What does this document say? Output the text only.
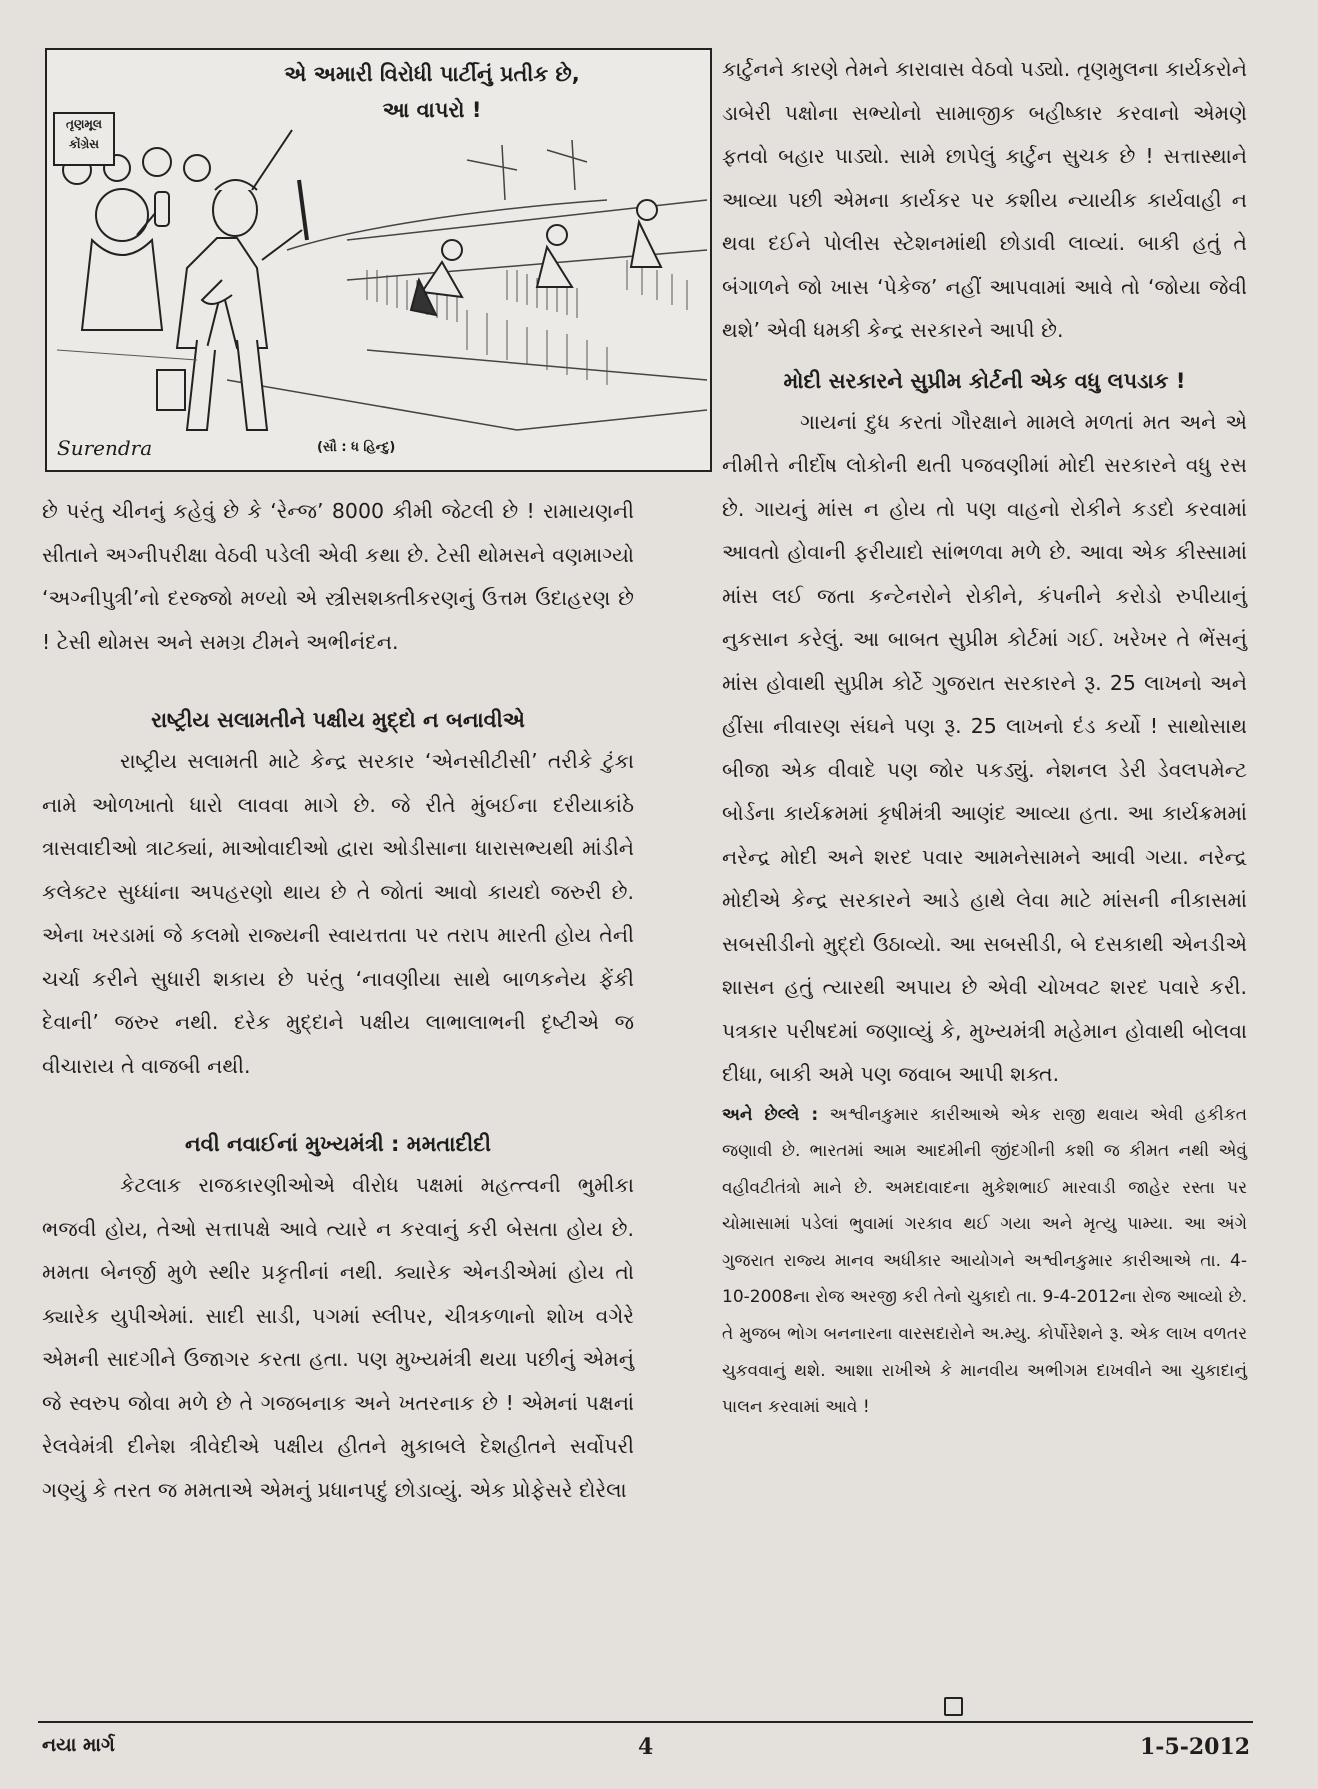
એ અમારી વિરોધી પાર્ટીનું પ્રતીક છે, આ વાપરો !
તૃણમૂલ કોંગ્રેસ
(સૌ : ધ હિન્દુ)
Surendra

છે પરંતુ ચીનનું કહેવું છે કે ‘રેન્જ’ 8000 કીમી જેટલી છે ! રામાયણની સીતાને અગ્નીપરીક્ષા વેઠવી પડેલી એવી કથા છે. ટેસી થોમસને વણમાગ્યો ‘અગ્નીપુત્રી’નો દરજ્જો મળ્યો એ સ્ત્રીસશક્તીકરણનું ઉત્તમ ઉદાહરણ છે ! ટેસી થોમસ અને સમગ્ર ટીમને અભીનંદન.

રાષ્ટ્રીય સલામતીને પક્ષીય મુદ્દો ન બનાવીએ

રાષ્ટ્રીય સલામતી માટે કેન્દ્ર સરકાર ‘એનસીટીસી’ તરીકે ટુંકા નામે ઓળખાતો ધારો લાવવા માગે છે. જે રીતે મુંબઈના દરીયાકાંઠે ત્રાસવાદીઓ ત્રાટક્યાં, માઓવાદીઓ દ્વારા ઓડીસાના ધારાસભ્યથી માંડીને કલેક્ટર સુધ્ધાંના અપહરણો થાય છે તે જોતાં આવો કાયદો જરુરી છે. એના ખરડામાં જે કલમો રાજ્યની સ્વાયત્તતા પર તરાપ મારતી હોય તેની ચર્ચા કરીને સુધારી શકાય છે પરંતુ ‘નાવણીયા સાથે બાળકનેય ફેંકી દેવાની’ જરુર નથી. દરેક મુદ્દાને પક્ષીય લાભાલાભની દૃષ્ટીએ જ વીચારાય તે વાજબી નથી.

નવી નવાઈનાં મુખ્યમંત્રી : મમતાદીદી

કેટલાક રાજકારણીઓએ વીરોધ પક્ષમાં મહત્ત્વની ભુમીકા ભજવી હોય, તેઓ સત્તાપક્ષે આવે ત્યારે ન કરવાનું કરી બેસતા હોય છે. મમતા બેનર્જી મુળે સ્થીર પ્રકૃતીનાં નથી. ક્યારેક એનડીએમાં હોય તો ક્યારેક યુપીએમાં. સાદી સાડી, પગમાં સ્લીપર, ચીત્રકળાનો શોખ વગેરે એમની સાદગીને ઉજાગર કરતા હતા. પણ મુખ્યમંત્રી થયા પછીનું એમનું જે સ્વરુપ જોવા મળે છે તે ગજબનાક અને ખતરનાક છે ! એમનાં પક્ષનાં રેલવેમંત્રી દીનેશ ત્રીવેદીએ પક્ષીય હીતને મુકાબલે દેશહીતને સર્વોપરી ગણ્યું કે તરત જ મમતાએ એમનું પ્રધાનપદું છોડાવ્યું. એક પ્રોફેસરે દોરેલા

કાર્ટુનને કારણે તેમને કારાવાસ વેઠવો પડ્યો. તૃણમુલના કાર્યકરોને ડાબેરી પક્ષોના સભ્યોનો સામાજીક બહીષ્કાર કરવાનો એમણે ફતવો બહાર પાડ્યો. સામે છાપેલું કાર્ટુન સુચક છે ! સત્તાસ્થાને આવ્યા પછી એમના કાર્યકર પર કશીય ન્યાયીક કાર્યવાહી ન થવા દઈને પોલીસ સ્ટેશનમાંથી છોડાવી લાવ્યાં. બાકી હતું તે બંગાળને જો ખાસ ‘પેકેજ’ નહીં આપવામાં આવે તો ‘જોયા જેવી થશે’ એવી ધમકી કેન્દ્ર સરકારને આપી છે.

મોદી સરકારને સુપ્રીમ કોર્ટની એક વધુ લપડાક !

ગાયનાં દુધ કરતાં ગૌરક્ષાને મામલે મળતાં મત અને એ નીમીત્તે નીર્દોષ લોકોની થતી પજવણીમાં મોદી સરકારને વધુ રસ છે. ગાયનું માંસ ન હોય તો પણ વાહનો રોકીને કડદો કરવામાં આવતો હોવાની ફરીયાદો સાંભળવા મળે છે. આવા એક કીસ્સામાં માંસ લઈ જતા કન્ટેનરોને રોકીને, કંપનીને કરોડો રુપીયાનું નુકસાન કરેલું. આ બાબત સુપ્રીમ કોર્ટમાં ગઈ. ખરેખર તે ભેંસનું માંસ હોવાથી સુપ્રીમ કોર્ટે ગુજરાત સરકારને રૂ. 25 લાખનો અને હીંસા નીવારણ સંઘને પણ રૂ. 25 લાખનો દંડ કર્યો ! સાથોસાથ બીજા એક વીવાદે પણ જોર પકડ્યું. નેશનલ ડેરી ડેવલપમેન્ટ બોર્ડના કાર્યક્રમમાં કૃષીમંત્રી આણંદ આવ્યા હતા. આ કાર્યક્રમમાં નરેન્દ્ર મોદી અને શરદ પવાર આમનેસામને આવી ગયા. નરેન્દ્ર મોદીએ કેન્દ્ર સરકારને આડે હાથે લેવા માટે માંસની નીકાસમાં સબસીડીનો મુદ્દો ઉઠાવ્યો. આ સબસીડી, બે દસકાથી એનડીએ શાસન હતું ત્યારથી અપાય છે એવી ચોખવટ શરદ પવારે કરી. પત્રકાર પરીષદમાં જણાવ્યું કે, મુખ્યમંત્રી મહેમાન હોવાથી બોલવા દીધા, બાકી અમે પણ જવાબ આપી શક્ત.

અને છેલ્લે : અશ્વીનકુમાર કારીઆએ એક રાજી થવાય એવી હકીકત જણાવી છે. ભારતમાં આમ આદમીની જીંદગીની કશી જ કીમત નથી એવું વહીવટીતંત્રો માને છે. અમદાવાદના મુકેશભાઈ મારવાડી જાહેર રસ્તા પર ચોમાસામાં પડેલાં ભુવામાં ગરકાવ થઈ ગયા અને મૃત્યુ પામ્યા. આ અંગે ગુજરાત રાજ્ય માનવ અધીકાર આયોગને અશ્વીનકુમાર કારીઆએ તા. 4- 10-2008ના રોજ અરજી કરી તેનો ચુકાદો તા. 9-4-2012ના રોજ આવ્યો છે. તે મુજબ ભોગ બનનારના વારસદારોને અ.મ્યુ. કોર્પોરેશને રૂ. એક લાખ વળતર ચુકવવાનું થશે. આશા રાખીએ કે માનવીય અભીગમ દાખવીને આ ચુકાદાનું પાલન કરવામાં આવે !

નયા માર્ગ	4	1-5-2012
